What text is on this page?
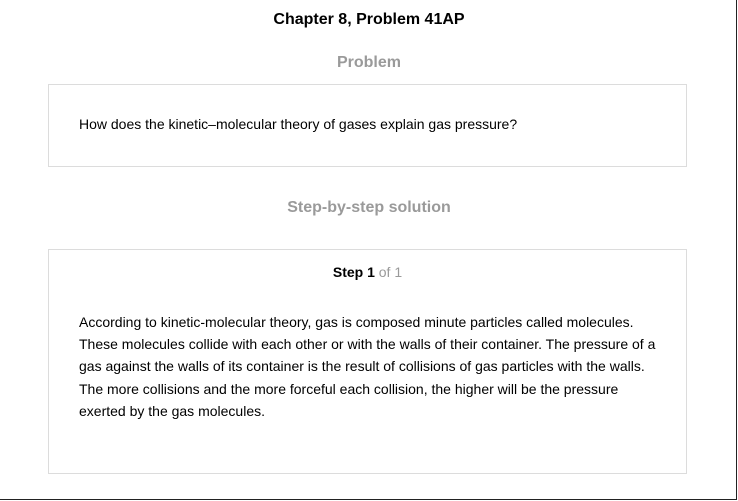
Chapter 8, Problem 41AP
Problem
How does the kinetic–molecular theory of gases explain gas pressure?
Step-by-step solution
Step 1 of 1
According to kinetic-molecular theory, gas is composed minute particles called molecules. These molecules collide with each other or with the walls of their container. The pressure of a gas against the walls of its container is the result of collisions of gas particles with the walls. The more collisions and the more forceful each collision, the higher will be the pressure exerted by the gas molecules.
